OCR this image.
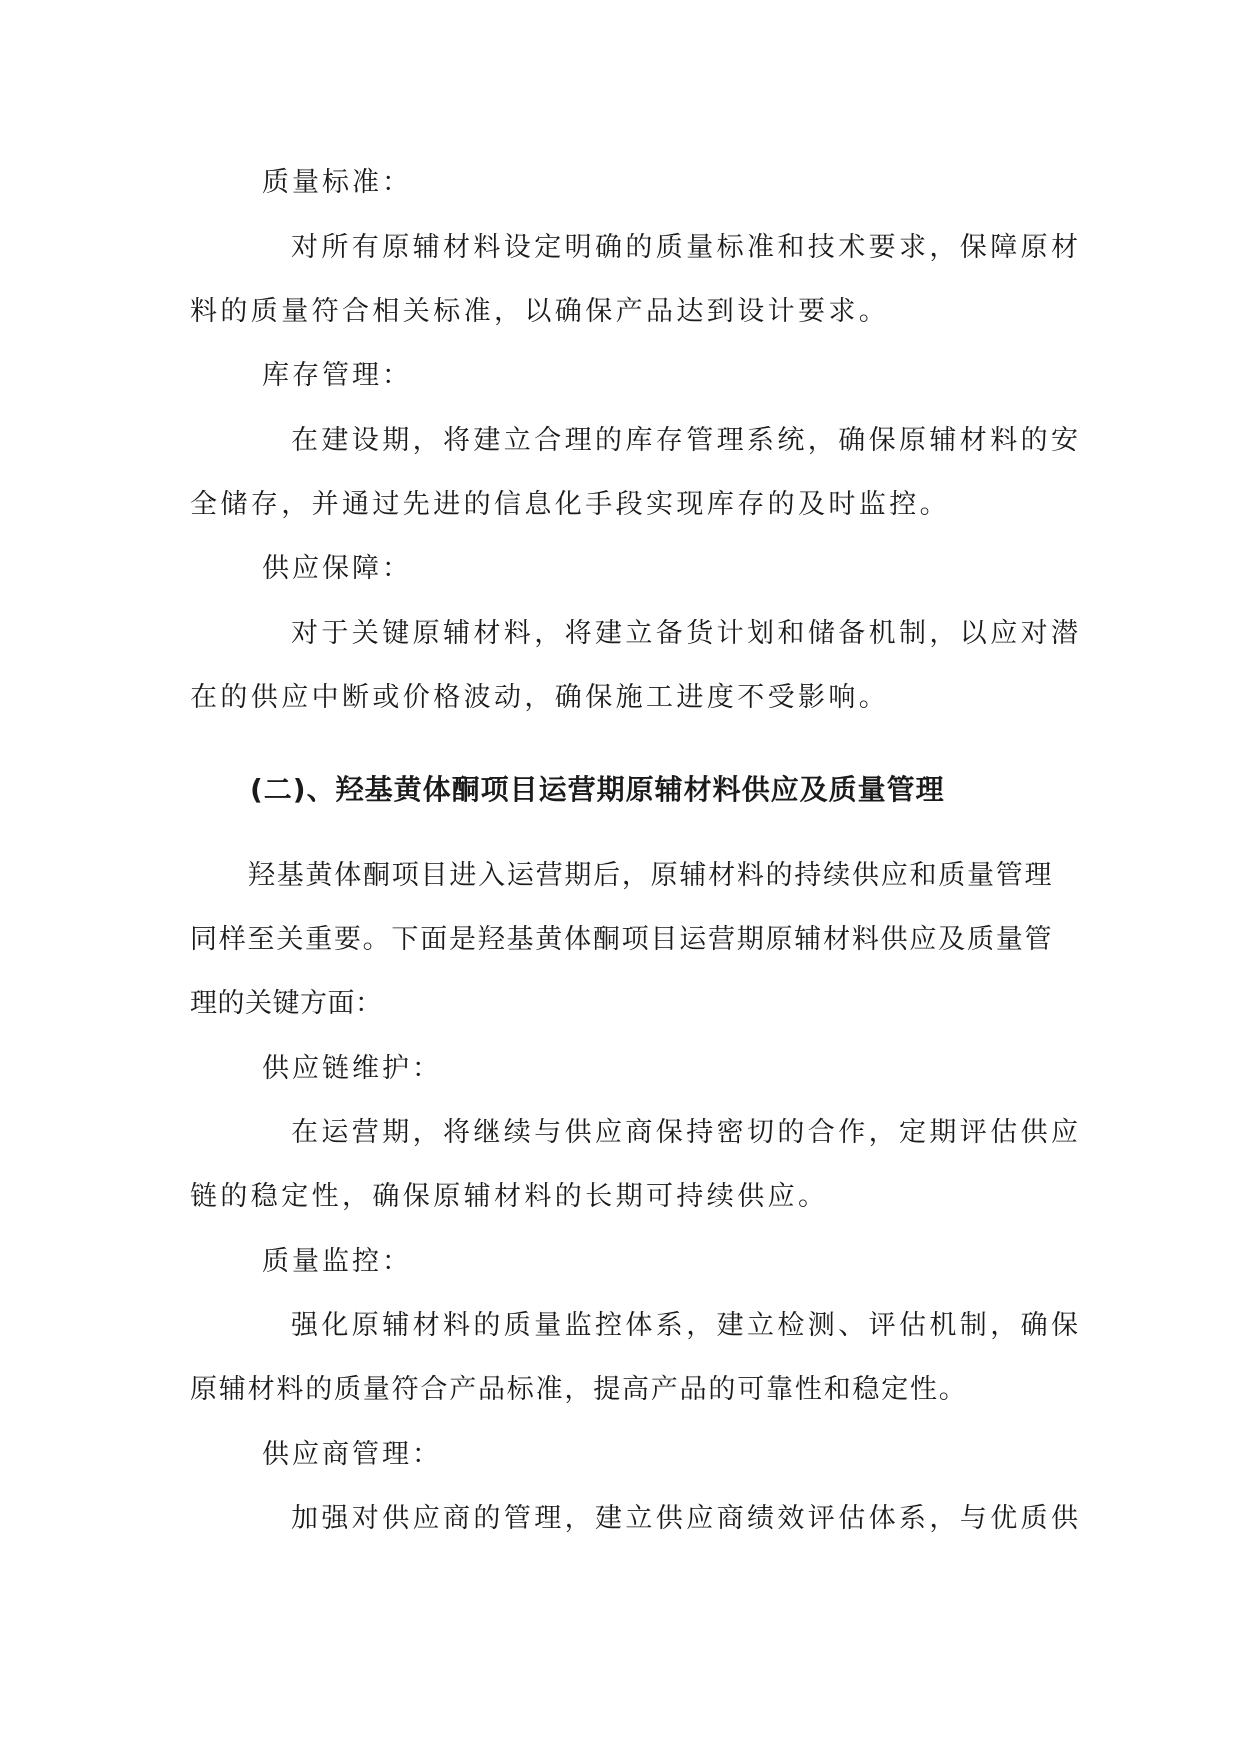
质量标准：
对所有原辅材料设定明确的质量标准和技术要求，保障原材
料的质量符合相关标准，以确保产品达到设计要求。
库存管理：
在建设期，将建立合理的库存管理系统，确保原辅材料的安
全储存，并通过先进的信息化手段实现库存的及时监控。
供应保障：
对于关键原辅材料，将建立备货计划和储备机制，以应对潜
在的供应中断或价格波动，确保施工进度不受影响。
(二)、羟基黄体酮项目运营期原辅材料供应及质量管理
羟基黄体酮项目进入运营期后，原辅材料的持续供应和质量管理
同样至关重要。下面是羟基黄体酮项目运营期原辅材料供应及质量管
理的关键方面：
供应链维护：
在运营期，将继续与供应商保持密切的合作，定期评估供应
链的稳定性，确保原辅材料的长期可持续供应。
质量监控：
强化原辅材料的质量监控体系，建立检测、评估机制，确保
原辅材料的质量符合产品标准，提高产品的可靠性和稳定性。
供应商管理：
加强对供应商的管理，建立供应商绩效评估体系，与优质供
